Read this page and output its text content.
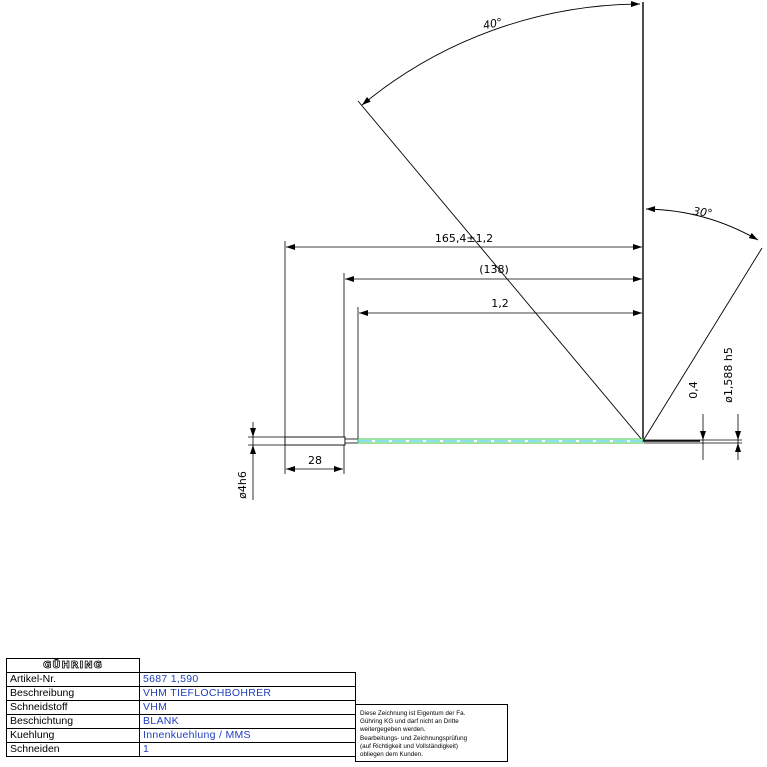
40°
30°
165,4±1,2
(138)
1,2
ø4h6
28
0,4 ø1,588 h5
GÜHRING	
Artikel-Nr.	5687 1,590
Beschreibung	VHM TIEFLOCHBOHRER
Schneidstoff	VHM
Beschichtung	BLANK
Kuehlung	Innenkuehlung / MMS
Schneiden	1
Diese Zeichnung ist Eigentum der Fa.
Gühring KG und darf nicht an Dritte
weitergegeben werden.
Bearbeitungs- und Zeichnungsprüfung
(auf Richtigkeit und Vollständigkeit)
obliegen dem Kunden.
